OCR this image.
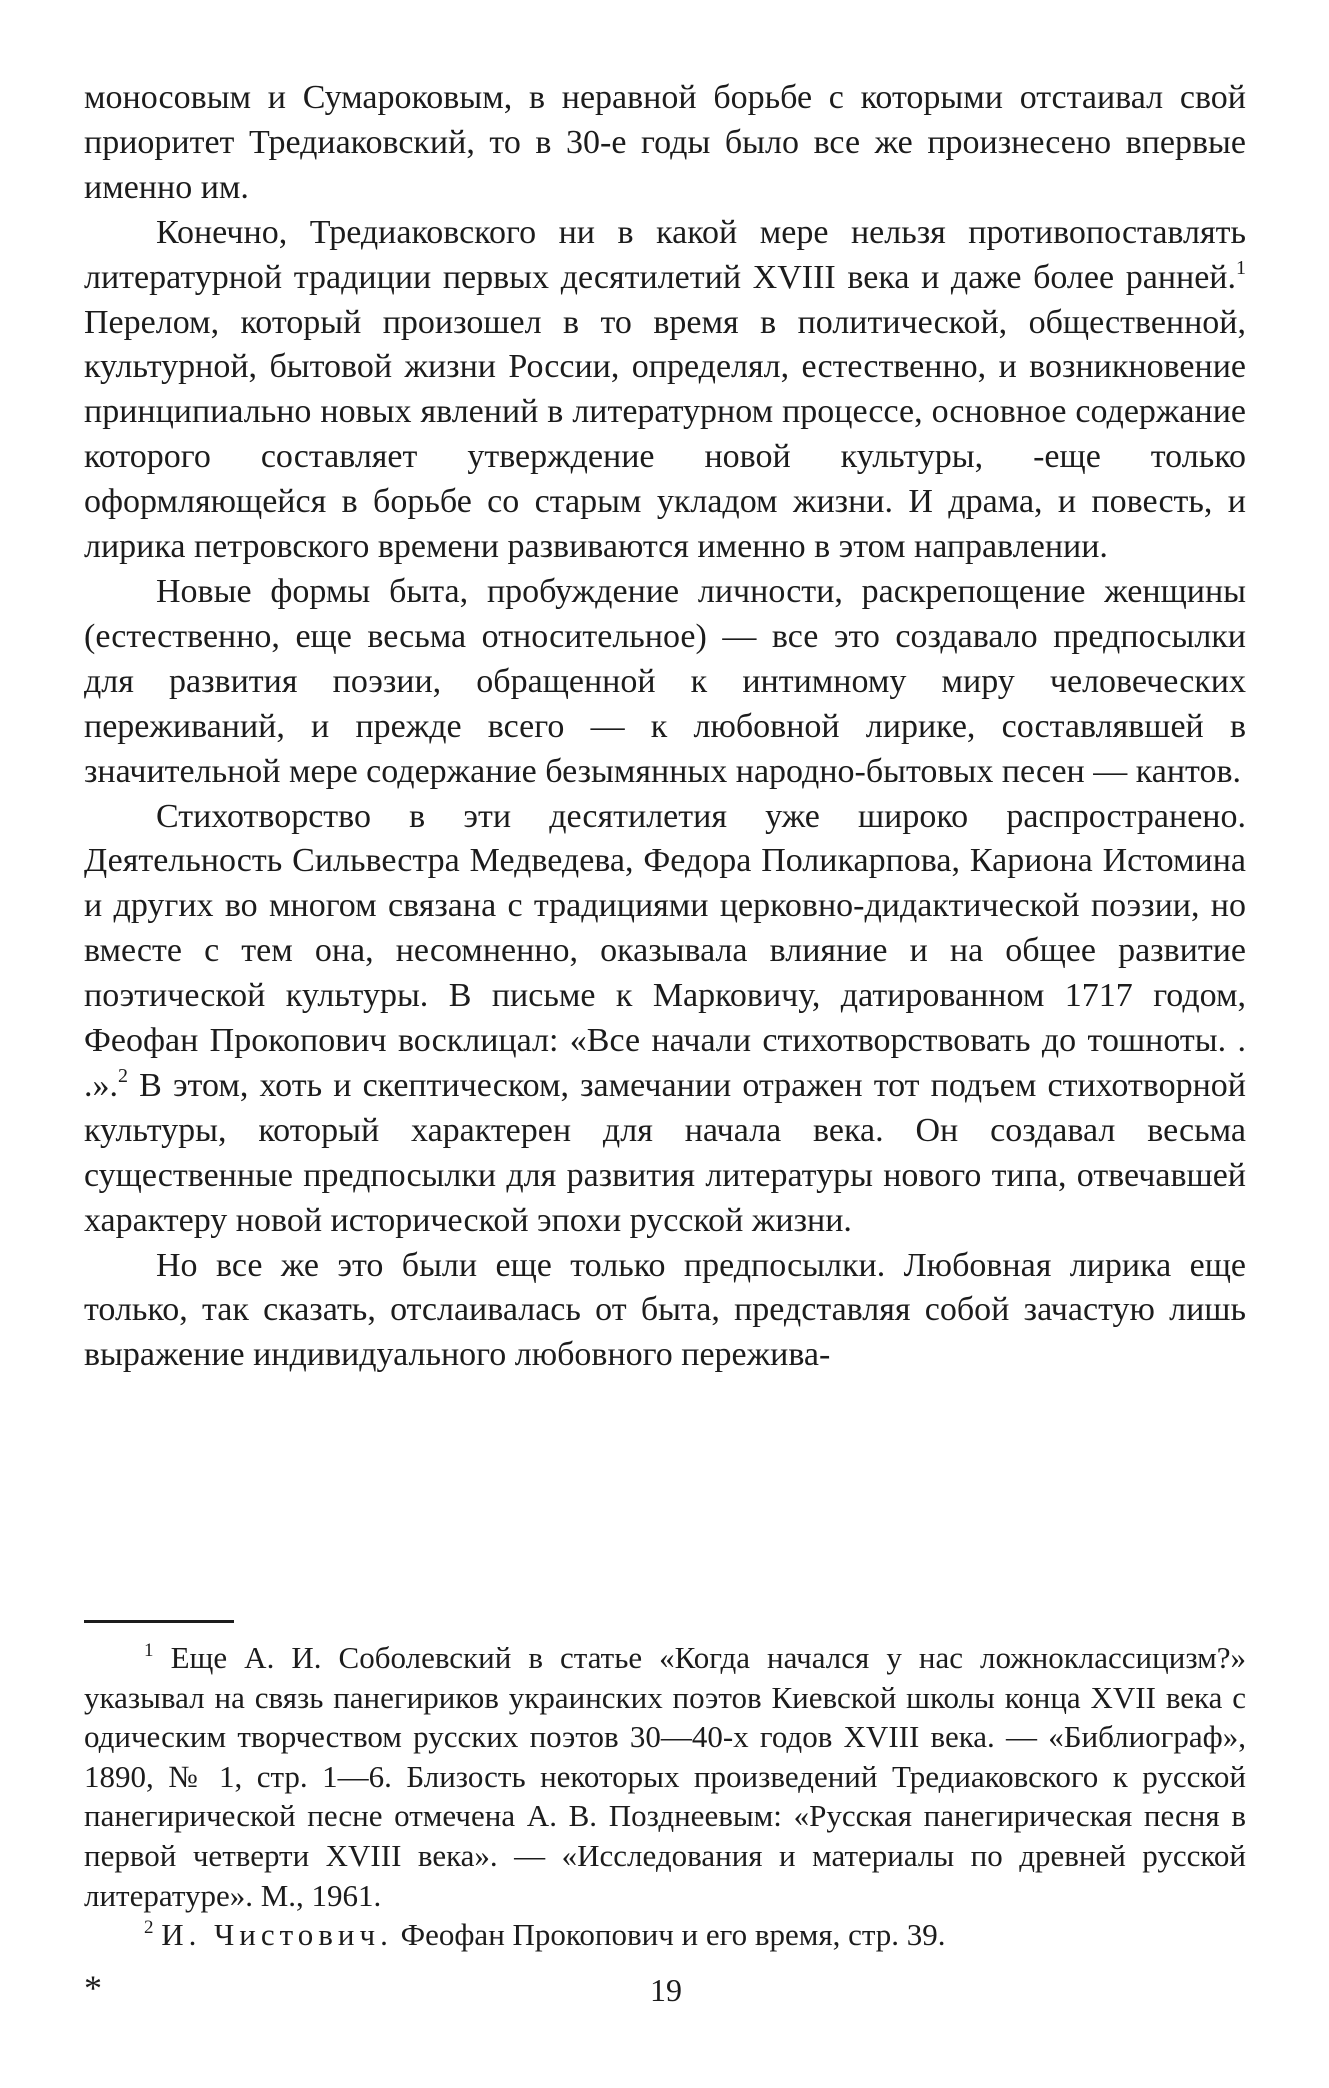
моносовым и Сумароковым, в неравной борьбе с которыми отстаивал свой приоритет Тредиаковский, то в 30-е годы было все же произнесено впервые именно им.

Конечно, Тредиаковского ни в какой мере нельзя противопоставлять литературной традиции первых десятилетий XVIII века и даже более ранней.$^1$ Перелом, который произошел в то время в политической, общественной, культурной, бытовой жизни России, определял, естественно, и возникновение принципиально новых явлений в литературном процессе, основное содержание которого составляет утверждение новой культуры, -еще только оформляющейся в борьбе со старым укладом жизни. И драма, и повесть, и лирика петровского времени развиваются именно в этом направлении.

Новые формы быта, пробуждение личности, раскрепощение женщины (естественно, еще весьма относительное) — все это создавало предпосылки для развития поэзии, обращенной к интимному миру человеческих переживаний, и прежде всего — к любовной лирике, составлявшей в значительной мере содержание безымянных народно-бытовых песен — кантов.

Стихотворство в эти десятилетия уже широко распространено. Деятельность Сильвестра Медведева, Федора Поликарпова, Кариона Истомина и других во многом связана с традициями церковно-дидактической поэзии, но вместе с тем она, несомненно, оказывала влияние и на общее развитие поэтической культуры. В письме к Марковичу, датированном 1717 годом, Феофан Прокопович восклицал: «Все начали стихотворствовать до тошноты. . .».$^2$ В этом, хоть и скептическом, замечании отражен тот подъем стихотворной культуры, который характерен для начала века. Он создавал весьма существенные предпосылки для развития литературы нового типа, отвечавшей характеру новой исторической эпохи русской жизни.

Но все же это были еще только предпосылки. Любовная лирика еще только, так сказать, отслаивалась от быта, представляя собой зачастую лишь выражение индивидуального любовного пережива-

$^1$ Еще А. И. Соболевский в статье «Когда начался у нас ложноклассицизм?» указывал на связь панегириков украинских поэтов Киевской школы конца XVII века с одическим творчеством русских поэтов 30—40-х годов XVIII века. — «Библиограф», 1890, № 1, стр. 1—6. Близость некоторых произведений Тредиаковского к русской панегирической песне отмечена А. В. Позднеевым: «Русская панегирическая песня в первой четверти XVIII века». — «Исследования и материалы по древней русской литературе». М., 1961.

$^2$ И. Чистович. Феофан Прокопович и его время, стр. 39.

*	19
